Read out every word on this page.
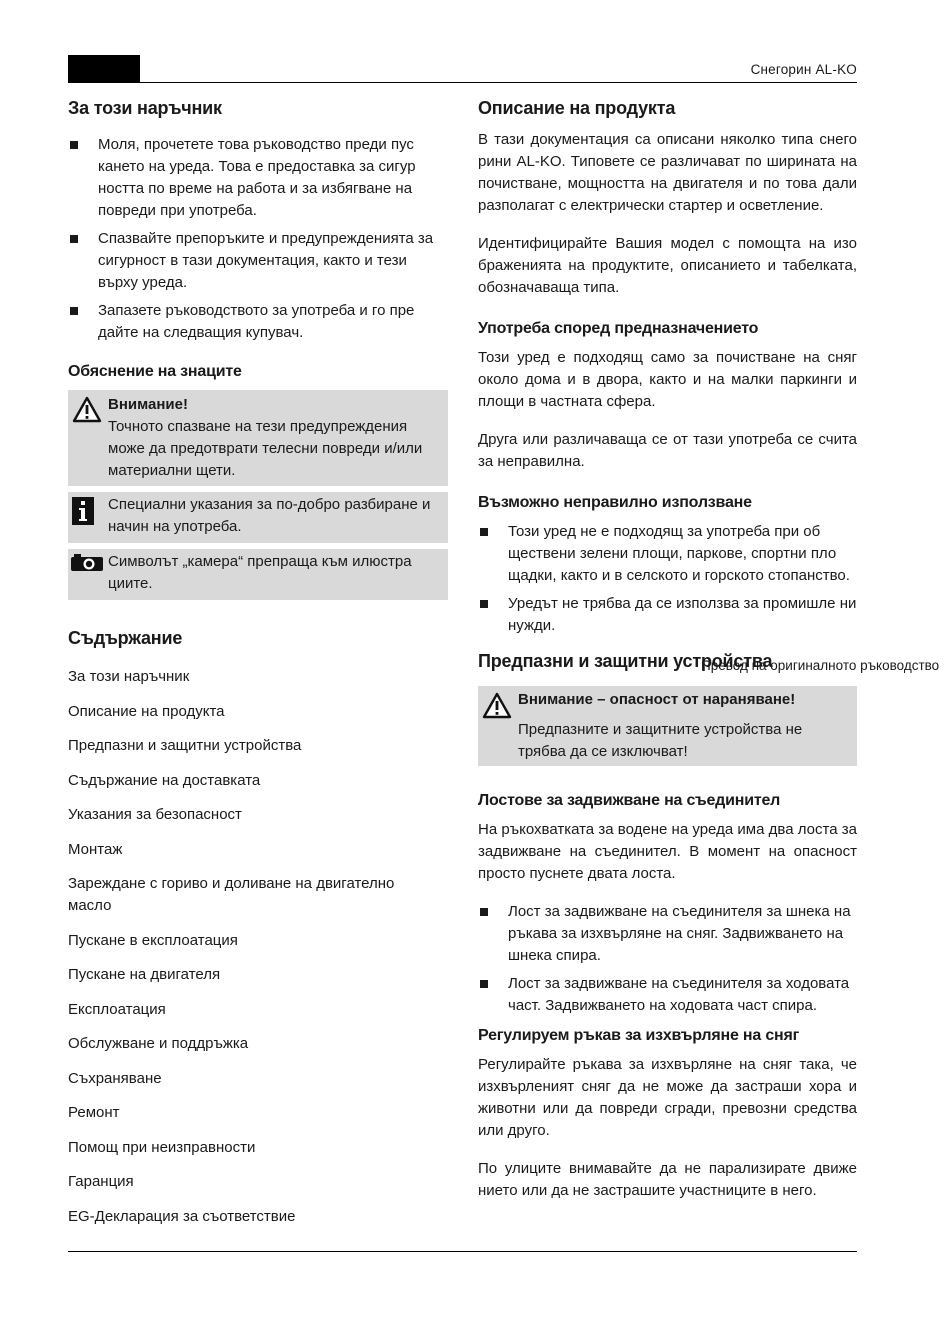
Снегорин AL-KO
За този наръчник
Моля, прочетете това ръководство преди пус кането на уреда. Това е предоставка за сигур ността по време на работа и за избягване на повреди при употреба.
Спазвайте препоръките и предупрежденията за сигурност в тази документация, както и тези върху уреда.
Запазете ръководството за употреба и го пре дайте на следващия купувач.
Обяснение на знаците
Внимание!
Точното спазване на тези предупреждения може да предотврати телесни повреди и/или материални щети.
Специални указания за по-добро разбиране и начин на употреба.
Символът „камера“ препраща към илюстра циите.
Съдържание
За този наръчник
Описание на продукта
Предпазни и защитни устройства
Съдържание на доставката
Указания за безопасност
Монтаж
Зареждане с гориво и доливане на двигателно масло
Пускане в експлоатация
Пускане на двигателя
Експлоатация
Обслужване и поддръжка
Съхраняване
Ремонт
Помощ при неизправности
Гаранция
EG-Декларация за съответствие
Описание на продукта

В тази документация са описани няколко типа снего рини AL-KO. Типовете се различават по ширината на почистване, мощността на двигателя и по това дали разполагат с електрически стартер и осветление.

Идентифицирайте Вашия модел с помощта на изо браженията на продуктите, описанието и табелката, обозначаваща типа.

Употреба според предназначението

Този уред е подходящ само за почистване на сняг около дома и в двора, както и на малки паркинги и площи в частната сфера.

Друга или различаваща се от тази употреба се счита за неправилна.

Възможно неправилно използване
Този уред не е подходящ за употреба при об ществени зелени площи, паркове, спортни пло щадки, както и в селското и горското стопанство.
Уредът не трябва да се използва за промишле ни нужди.
Предпазни и защитни устройства
Внимание – опасност от нараняване!
Предпазните и защитните устройства не трябва да се изключват!
Лостове за задвижване на съединител

На ръкохватката за водене на уреда има два лоста за задвижване на съединител. В момент на опасност просто пуснете двата лоста.

Лост за задвижване на съединителя за шнека на ръкава за изхвърляне на сняг. Задвижването на шнека спира.
Лост за задвижване на съединителя за ходовата част. Задвижването на ходовата част спира.
Регулируем ръкав за изхвърляне на сняг

Регулирайте ръкава за изхвърляне на сняг така, че изхвърленият сняг да не може да застраши хора и животни или да повреди сгради, превозни средства или друго.

По улиците внимавайте да не парализирате движе нието или да не застрашите участниците в него.

Превод на оригиналното ръководство
